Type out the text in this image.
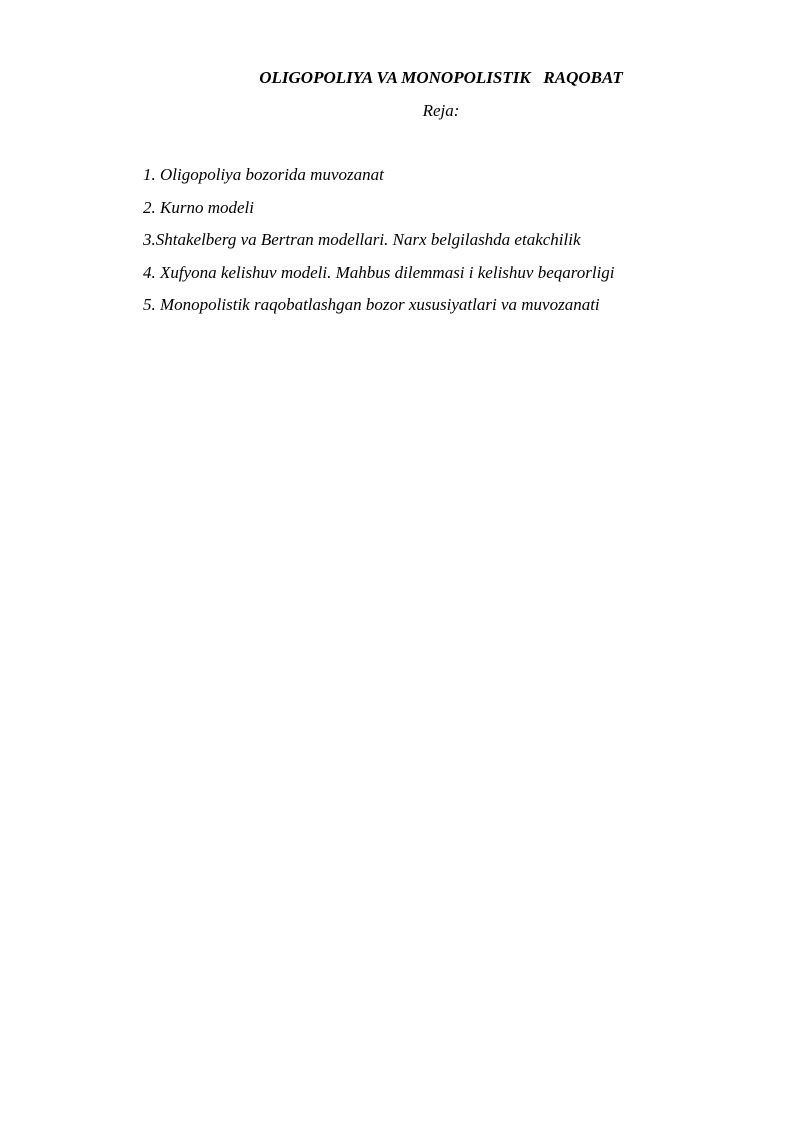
OLIGOPOLIYA VA MONOPOLISTIK   RAQOBAT
Reja:
1. Oligopoliya bozorida muvozanat
2. Kurno modeli
3.Shtakelberg va Bertran modellari. Narx belgilashda etakchilik
4. Xufyona kelishuv modeli. Mahbus dilemmasi i kelishuv beqarorligi
5. Monopolistik raqobatlashgan bozor xususiyatlari va muvozanati
